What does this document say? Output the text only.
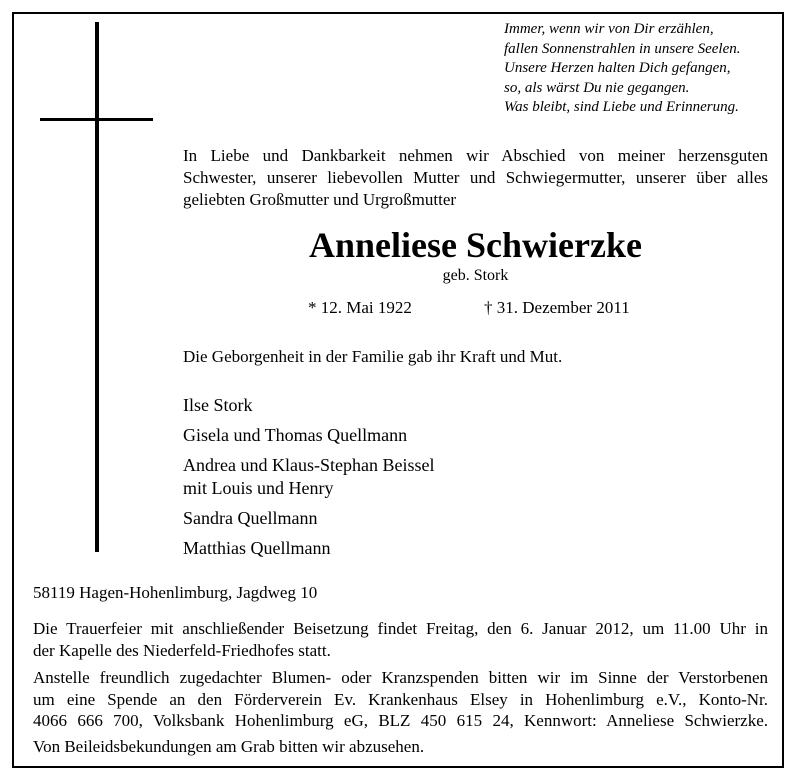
Immer, wenn wir von Dir erzählen,
fallen Sonnenstrahlen in unsere Seelen.
Unsere Herzen halten Dich gefangen,
so, als wärst Du nie gegangen.
Was bleibt, sind Liebe und Erinnerung.
In Liebe und Dankbarkeit nehmen wir Abschied von meiner herzensguten
Schwester, unserer liebevollen Mutter und Schwiegermutter, unserer über alles
geliebten Großmutter und Urgroßmutter
Anneliese Schwierzke
geb. Stork
* 12. Mai 1922	† 31. Dezember 2011
Die Geborgenheit in der Familie gab ihr Kraft und Mut.
Ilse Stork
Gisela und Thomas Quellmann
Andrea und Klaus-Stephan Beissel
mit Louis und Henry
Sandra Quellmann
Matthias Quellmann
58119 Hagen-Hohenlimburg, Jagdweg 10
Die Trauerfeier mit anschließender Beisetzung findet Freitag, den 6. Januar 2012, um 11.00 Uhr in
der Kapelle des Niederfeld-Friedhofes statt.
Anstelle freundlich zugedachter Blumen- oder Kranzspenden bitten wir im Sinne der Verstorbenen
um eine Spende an den Förderverein Ev. Krankenhaus Elsey in Hohenlimburg e.V., Konto-Nr.
4066 666 700, Volksbank Hohenlimburg eG, BLZ 450 615 24, Kennwort: Anneliese Schwierzke.
Von Beileidsbekundungen am Grab bitten wir abzusehen.
